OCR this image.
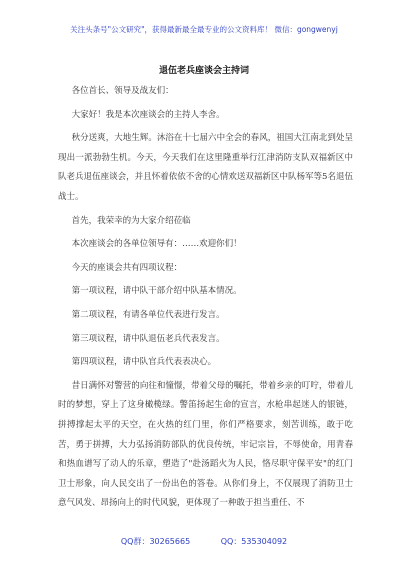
关注头条号"公文研究"，获得最新最全最专业的公文资料库！ 微信：gongwenyj
退伍老兵座谈会主持词

各位首长、领导及战友们：

大家好！我是本次座谈会的主持人李舍。

秋分送爽，大地生辉。沐浴在十七届六中全会的春风，祖国大江南北到处呈现出一派勃勃生机。今天，今天我们在这里隆重举行江津消防支队双福新区中队老兵退伍座谈会，并且怀着依依不舍的心情欢送双福新区中队杨军等5名退伍战士。

首先，我荣幸的为大家介绍莅临

本次座谈会的各单位领导有：……欢迎你们！

今天的座谈会共有四项议程：

第一项议程，请中队干部介绍中队基本情况。

第二项议程，有请各单位代表进行发言。

第三项议程，请中队退伍老兵代表发言。

第四项议程，请中队官兵代表表决心。

昔日满怀对警营的向往和憧憬，带着父母的嘱托，带着乡亲的叮咛，带着儿时的梦想，穿上了这身橄榄绿。警笛扬起生命的宣言，水枪串起迷人的银链，拼搏撑起太平的天空，在火热的红门里，你们严格要求，刻苦训练，敢于吃苦，勇于拼搏，大力弘扬消防部队的优良传统，牢记宗旨，不辱使命，用青春和热血谱写了动人的乐章，塑造了"赴汤蹈火为人民，恪尽职守保平安"的红门卫士形象，向人民交出了一份出色的答卷。从你们身上，不仅展现了消防卫士意气风发、昂扬向上的时代风貌，更体现了一种敢于担当重任、不

QQ群：30265665	QQ：535304092
